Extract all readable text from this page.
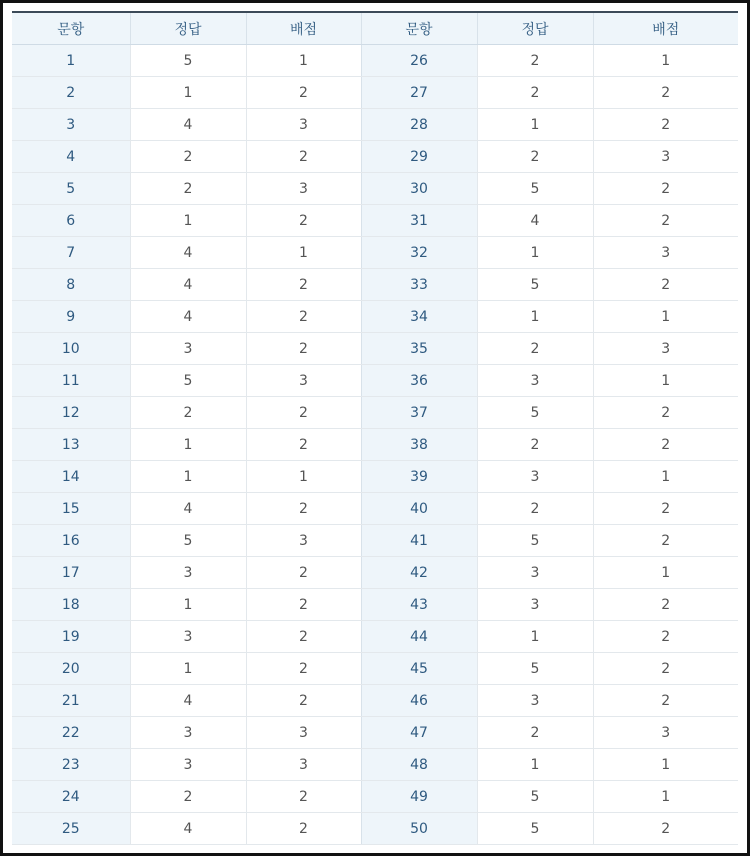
문항	정답	배점	문항	정답	배점
1	5	1	26	2	1
2	1	2	27	2	2
3	4	3	28	1	2
4	2	2	29	2	3
5	2	3	30	5	2
6	1	2	31	4	2
7	4	1	32	1	3
8	4	2	33	5	2
9	4	2	34	1	1
10	3	2	35	2	3
11	5	3	36	3	1
12	2	2	37	5	2
13	1	2	38	2	2
14	1	1	39	3	1
15	4	2	40	2	2
16	5	3	41	5	2
17	3	2	42	3	1
18	1	2	43	3	2
19	3	2	44	1	2
20	1	2	45	5	2
21	4	2	46	3	2
22	3	3	47	2	3
23	3	3	48	1	1
24	2	2	49	5	1
25	4	2	50	5	2
